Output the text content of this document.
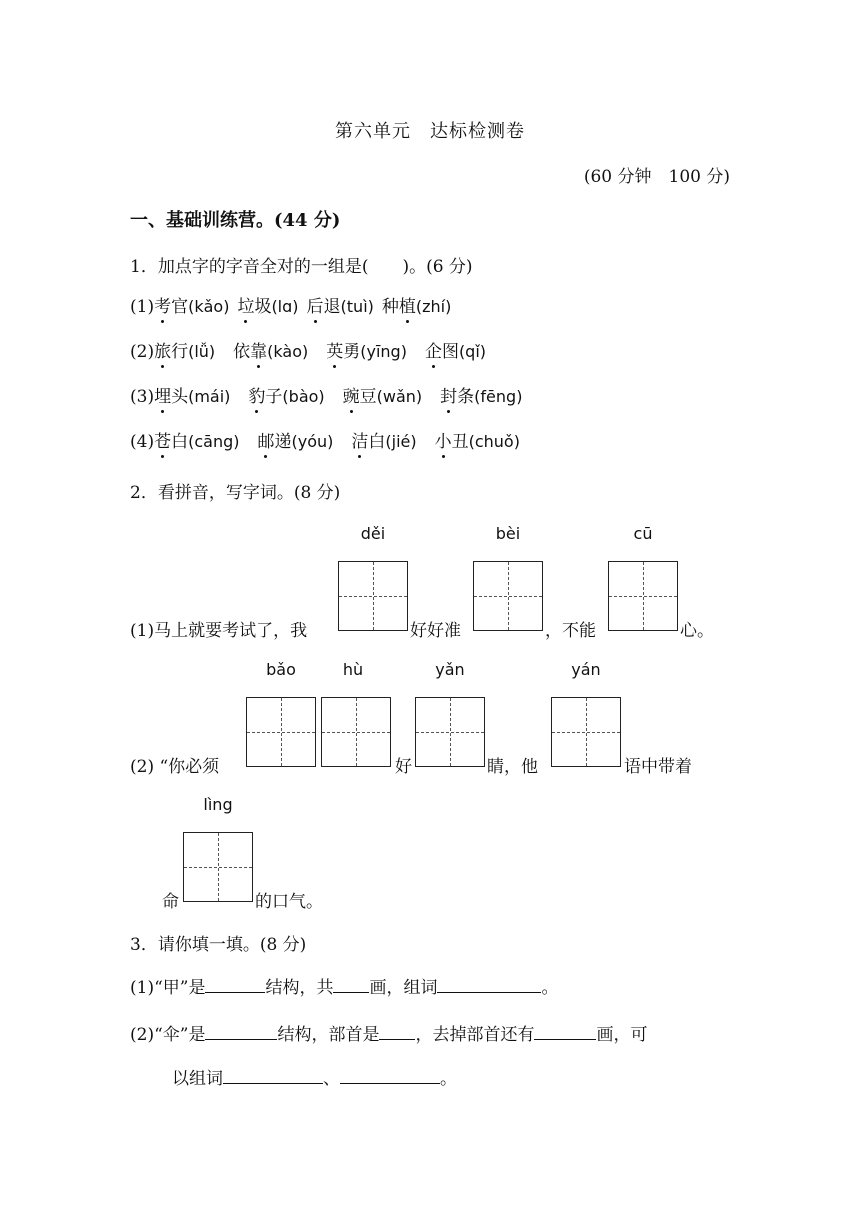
第六单元　达标检测卷
(60 分钟　100 分)
一、基础训练营。(44 分)
1．加点字的字音全对的一组是(　　)。(6 分)
(1)考官(kǎo) 垃圾(lɑ) 后退(tuì) 种植(zhí)
(2)旅行(lǚ) 依靠(kào) 英勇(yīng) 企图(qǐ)
(3)埋头(mái) 豹子(bào) 豌豆(wǎn) 封条(fēng)
(4)苍白(cāng) 邮递(yóu) 洁白(jié) 小丑(chuǒ)
2．看拼音，写字词。(8 分)
(1)马上就要考试了，我
děi
好好准
bèi
，不能
cū
心。
(2) “你必须
bǎo	hù
好
yǎn
睛，他
yán
语中带着
命
lìng
的口气。
3．请你填一填。(8 分)
(1)“甲”是	结构，共 画，组词	。
(2)“伞”是	结构，部首是 ，去掉部首还有	画，可
以组词	、	。
